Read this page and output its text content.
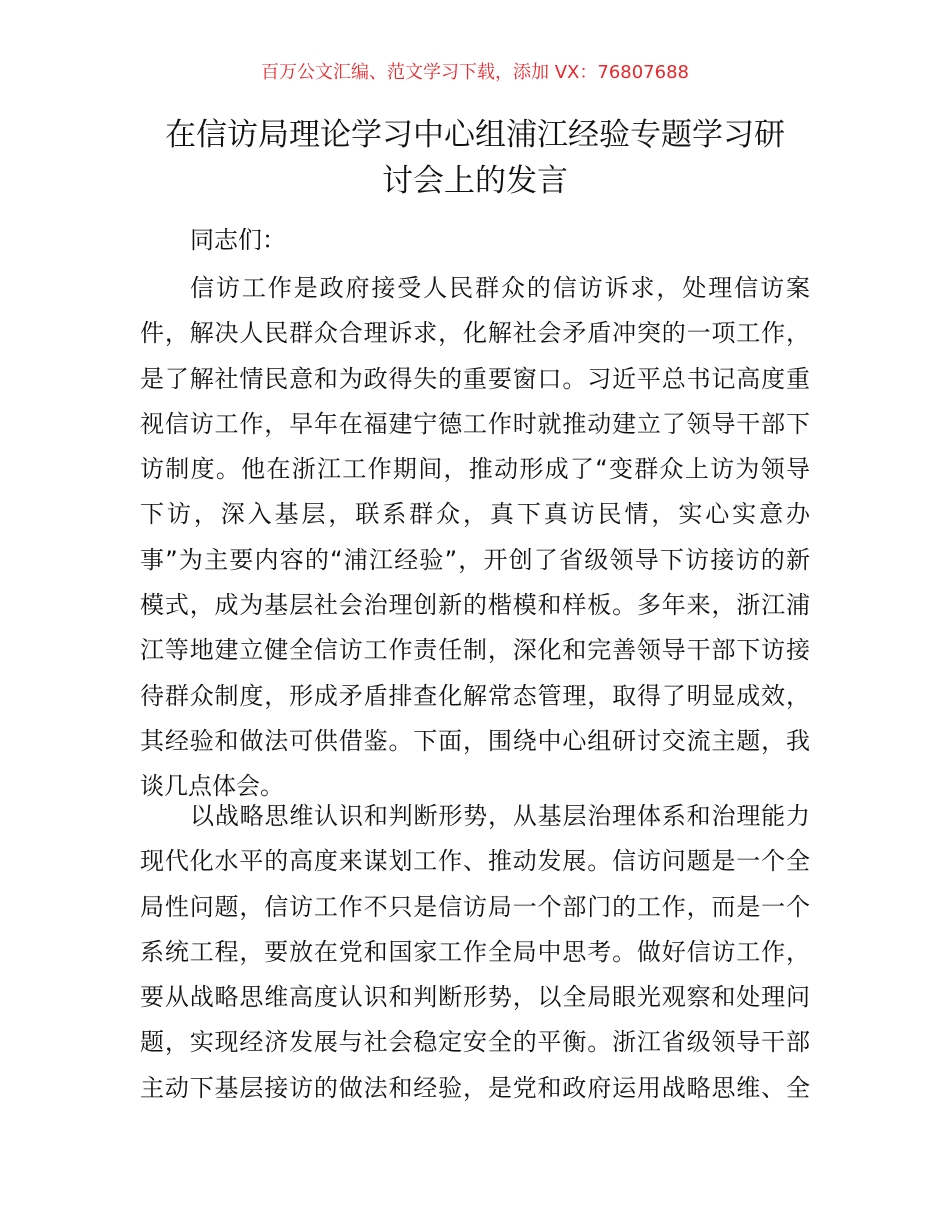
百万公文汇编、范文学习下载，添加 VX：76807688
在信访局理论学习中心组浦江经验专题学习研
讨会上的发言
同志们：
信访工作是政府接受人民群众的信访诉求，处理信访案
件，解决人民群众合理诉求，化解社会矛盾冲突的一项工作，
是了解社情民意和为政得失的重要窗口。习近平总书记高度重
视信访工作，早年在福建宁德工作时就推动建立了领导干部下
访制度。他在浙江工作期间，推动形成了“变群众上访为领导
下访，深入基层，联系群众，真下真访民情，实心实意办
事”为主要内容的“浦江经验”，开创了省级领导下访接访的新
模式，成为基层社会治理创新的楷模和样板。多年来，浙江浦
江等地建立健全信访工作责任制，深化和完善领导干部下访接
待群众制度，形成矛盾排查化解常态管理，取得了明显成效，
其经验和做法可供借鉴。下面，围绕中心组研讨交流主题，我
谈几点体会。
以战略思维认识和判断形势，从基层治理体系和治理能力
现代化水平的高度来谋划工作、推动发展。信访问题是一个全
局性问题，信访工作不只是信访局一个部门的工作，而是一个
系统工程，要放在党和国家工作全局中思考。做好信访工作，
要从战略思维高度认识和判断形势，以全局眼光观察和处理问
题，实现经济发展与社会稳定安全的平衡。浙江省级领导干部
主动下基层接访的做法和经验，是党和政府运用战略思维、全
